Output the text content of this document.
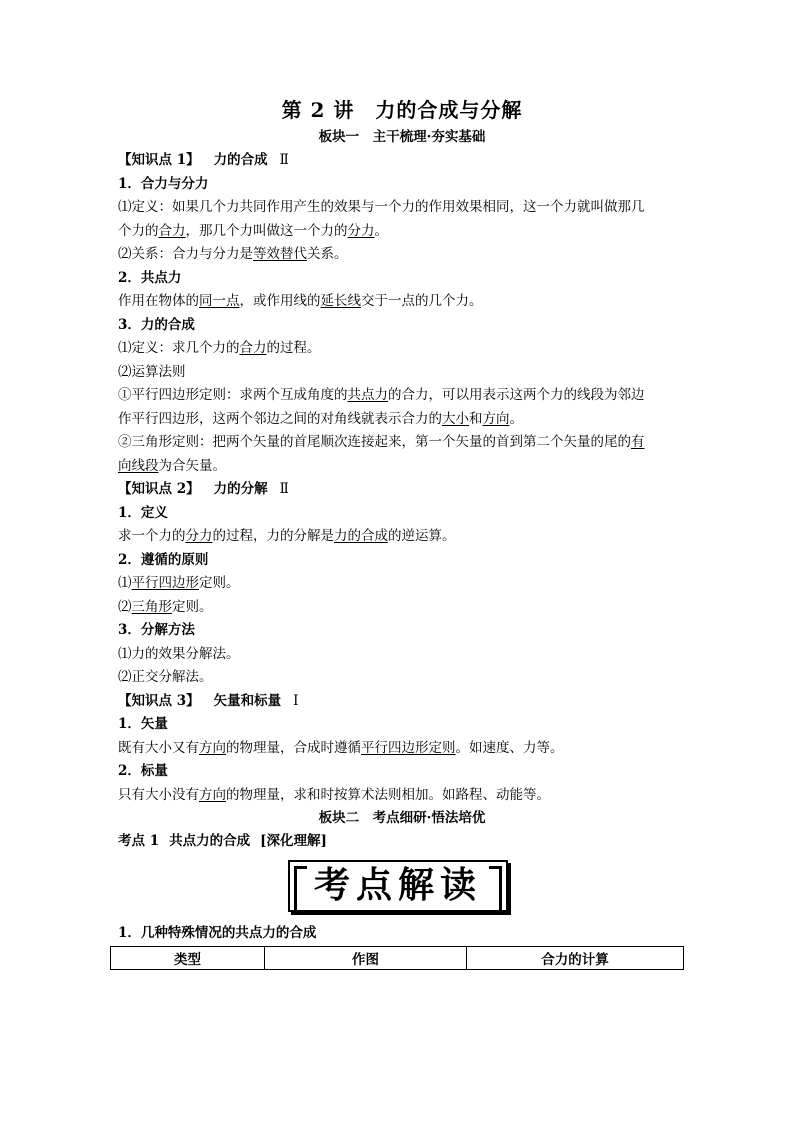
第 2 讲　力的合成与分解
板块一　主干梳理·夯实基础
【知识点 1】 力的合成 Ⅱ
1．合力与分力
⑴定义：如果几个力共同作用产生的效果与一个力的作用效果相同，这一个力就叫做那几
个力的合力，那几个力叫做这一个力的分力。
⑵关系：合力与分力是等效替代关系。
2．共点力
作用在物体的同一点，或作用线的延长线交于一点的几个力。
3．力的合成
⑴定义：求几个力的合力的过程。
⑵运算法则
①平行四边形定则：求两个互成角度的共点力的合力，可以用表示这两个力的线段为邻边
作平行四边形，这两个邻边之间的对角线就表示合力的大小和方向。
②三角形定则：把两个矢量的首尾顺次连接起来，第一个矢量的首到第二个矢量的尾的有
向线段为合矢量。
【知识点 2】 力的分解 Ⅱ
1．定义
求一个力的分力的过程，力的分解是力的合成的逆运算。
2．遵循的原则
⑴平行四边形定则。
⑵三角形定则。
3．分解方法
⑴力的效果分解法。
⑵正交分解法。
【知识点 3】 矢量和标量 Ⅰ
1．矢量
既有大小又有方向的物理量，合成时遵循平行四边形定则。如速度、力等。
2．标量
只有大小没有方向的物理量，求和时按算术法则相加。如路程、动能等。
板块二　考点细研·悟法培优
考点 1 共点力的合成 [深化理解]
考点解读
1．几种特殊情况的共点力的合成
类型	作图	合力的计算
